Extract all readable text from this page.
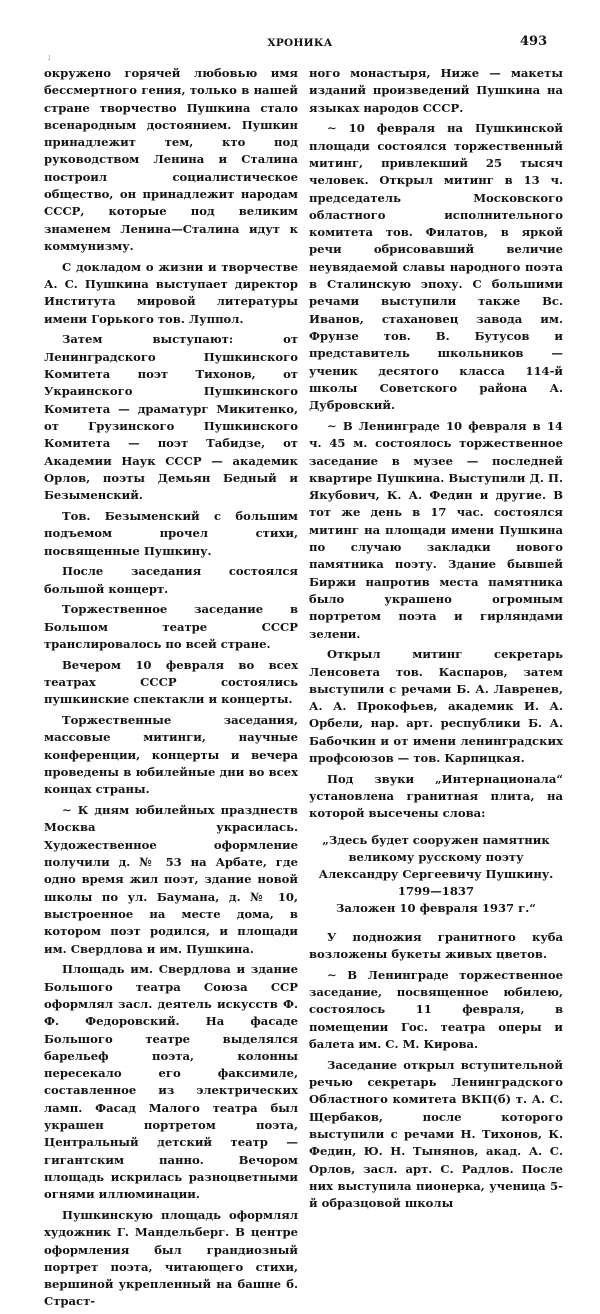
ХРОНИКА	493
;

окружено горячей любовью имя бессмертного гения, только в нашей стране творчество Пушкина стало всенародным достоянием. Пушкин принадлежит тем, кто под руководством Ленина и Сталина построил социалистическое общество, он принадлежит народам СССР, которые под великим знаменем Ленина—Сталина идут к коммунизму.

С докладом о жизни и творчестве А. С. Пушкина выступает директор Института мировой литературы имени Горького тов. Луппол.

Затем выступают: от Ленинградского Пушкинского Комитета поэт Тихонов, от Украинского Пушкинского Комитета — драматург Микитенко, от Грузинского Пушкинского Комитета — поэт Табидзе, от Академии Наук СССР — академик Орлов, поэты Демьян Бедный и Безыменский.

Тов. Безыменский с большим подъемом прочел стихи, посвященные Пушкину.

После заседания состоялся большой концерт.

Торжественное заседание в Большом театре СССР транслировалось по всей стране.

Вечером 10 февраля во всех театрах СССР состоялись пушкинские спектакли и концерты.

Торжественные заседания, массовые митинги, научные конференции, концерты и вечера проведены в юбилейные дни во всех концах страны.

∼ К дням юбилейных празднеств Москва украсилась. Художественное оформление получили д. № 53 на Арбате, где одно время жил поэт, здание новой школы по ул. Баумана, д. № 10, выстроенное на месте дома, в котором поэт родился, и площади им. Свердлова и им. Пушкина.

Площадь им. Свердлова и здание Большого театра Союза ССР оформлял засл. деятель искусств Ф. Ф. Федоровский. На фасаде Большого театре выделялся барельеф поэта, колонны пересекало его факсимиле, составленное из электрических ламп. Фасад Малого театра был украшен портретом поэта, Центральный детский театр — гигантским панно. Вечором площадь искрилась разноцветными огнями иллюминации.

Пушкинскую площадь оформлял художник Г. Мандельберг. В центре оформления был грандиозный портрет поэта, читающего стихи, вершиной укрепленный на башне б. Страст-

ного монастыря, Ниже — макеты изданий произведений Пушкина на языках народов СССР.

∼ 10 февраля на Пушкинской площади состоялся торжественный митинг, привлекший 25 тысяч человек. Открыл митинг в 13 ч. председатель Московского областного исполнительного комитета тов. Филатов, в яркой речи обрисовавший величие неувядаемой славы народного поэта в Сталинскую эпоху. С большими речами выступили также Вс. Иванов, стахановец завода им. Фрунзе тов. В. Бутусов и представитель школьников — ученик десятого класса 114-й школы Советского района А. Дубровский.

∼ В Ленинграде 10 февраля в 14 ч. 45 м. состоялось торжественное заседание в музее — последней квартире Пушкина. Выступили Д. П. Якубович, К. А. Федин и другие. В тот же день в 17 час. состоялся митинг на площади имени Пушкина по случаю закладки нового памятника поэту. Здание бывшей Биржи напротив места памятника было украшено огромным портретом поэта и гирляндами зелени.

Открыл митинг секретарь Ленсовета тов. Каспаров, затем выступили с речами Б. А. Лавренев, А. А. Прокофьев, академик И. А. Орбели, нар. арт. республики Б. А. Бабочкин и от имени ленинградских профсоюзов — тов. Карпицкая.

Под звуки „Интернационала“ установлена гранитная плита, на которой высечены слова:

„Здесь будет сооружен памятник
великому русскому поэту
Александру Сергеевичу Пушкину.
1799—1837
Заложен 10 февраля 1937 г.“

У подножия гранитного куба возложены букеты живых цветов.

∼ В Ленинграде торжественное заседание, посвященное юбилею, состоялось 11 февраля, в помещении Гос. театра оперы и балета им. С. М. Кирова.

Заседание открыл вступительной речью секретарь Ленинградского Областного комитета ВКП(б) т. А. С. Щербаков, после которого выступили с речами Н. Тихонов, К. Федин, Ю. Н. Тынянов, акад. А. С. Орлов, засл. арт. С. Радлов. После них выступила пионерка, ученица 5-й образцовой школы
